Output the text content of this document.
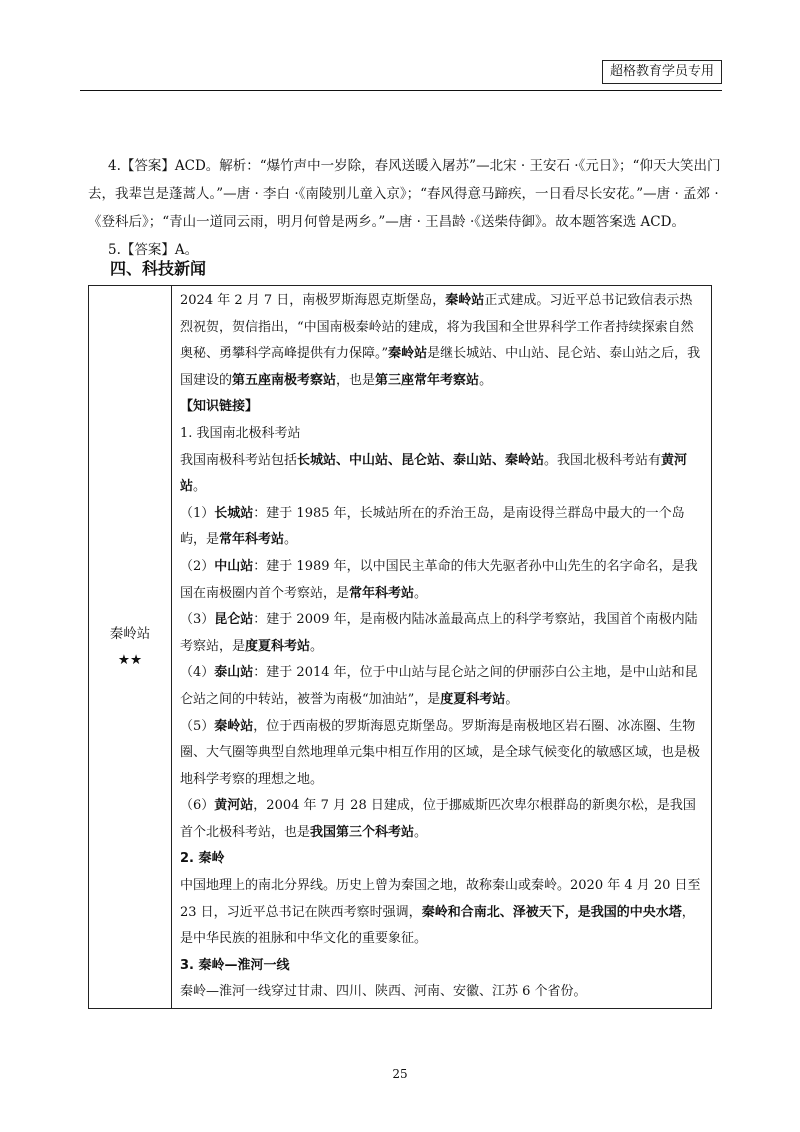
超格教育学员专用

4.【答案】ACD。解析：“爆竹声中一岁除，春风送暖入屠苏”—北宋 · 王安石 ·《元日》；“仰天大笑出门去，我辈岂是蓬蒿人。”—唐 · 李白 ·《南陵别儿童入京》；“春风得意马蹄疾，一日看尽长安花。”—唐 · 孟郊 ·《登科后》；“青山一道同云雨，明月何曾是两乡。”—唐 · 王昌龄 ·《送柴侍御》。故本题答案选 ACD。

5.【答案】A。

四、科技新闻
秦岭站
★★

2024 年 2 月 7 日，南极罗斯海恩克斯堡岛，秦岭站正式建成。习近平总书记致信表示热烈祝贺，贺信指出，“中国南极秦岭站的建成，将为我国和全世界科学工作者持续探索自然奥秘、勇攀科学高峰提供有力保障。”秦岭站是继长城站、中山站、昆仑站、泰山站之后，我国建设的第五座南极考察站，也是第三座常年考察站。
【知识链接】
1. 我国南北极科考站
我国南极科考站包括长城站、中山站、昆仑站、泰山站、秦岭站。我国北极科考站有黄河站。
（1）长城站：建于 1985 年，长城站所在的乔治王岛，是南设得兰群岛中最大的一个岛屿，是常年科考站。
（2）中山站：建于 1989 年，以中国民主革命的伟大先驱者孙中山先生的名字命名，是我国在南极圈内首个考察站，是常年科考站。
（3）昆仑站：建于 2009 年，是南极内陆冰盖最高点上的科学考察站，我国首个南极内陆考察站，是度夏科考站。
（4）泰山站：建于 2014 年，位于中山站与昆仑站之间的伊丽莎白公主地，是中山站和昆仑站之间的中转站，被誉为南极“加油站”，是度夏科考站。
（5）秦岭站，位于西南极的罗斯海恩克斯堡岛。罗斯海是南极地区岩石圈、冰冻圈、生物圈、大气圈等典型自然地理单元集中相互作用的区域，是全球气候变化的敏感区域，也是极地科学考察的理想之地。
（6）黄河站，2004 年 7 月 28 日建成，位于挪威斯匹次卑尔根群岛的新奥尔松，是我国首个北极科考站，也是我国第三个科考站。
2. 秦岭
中国地理上的南北分界线。历史上曾为秦国之地，故称秦山或秦岭。2020 年 4 月 20 日至 23 日，习近平总书记在陕西考察时强调，秦岭和合南北、泽被天下，是我国的中央水塔，是中华民族的祖脉和中华文化的重要象征。
3. 秦岭—淮河一线
秦岭—淮河一线穿过甘肃、四川、陕西、河南、安徽、江苏 6 个省份。
25
